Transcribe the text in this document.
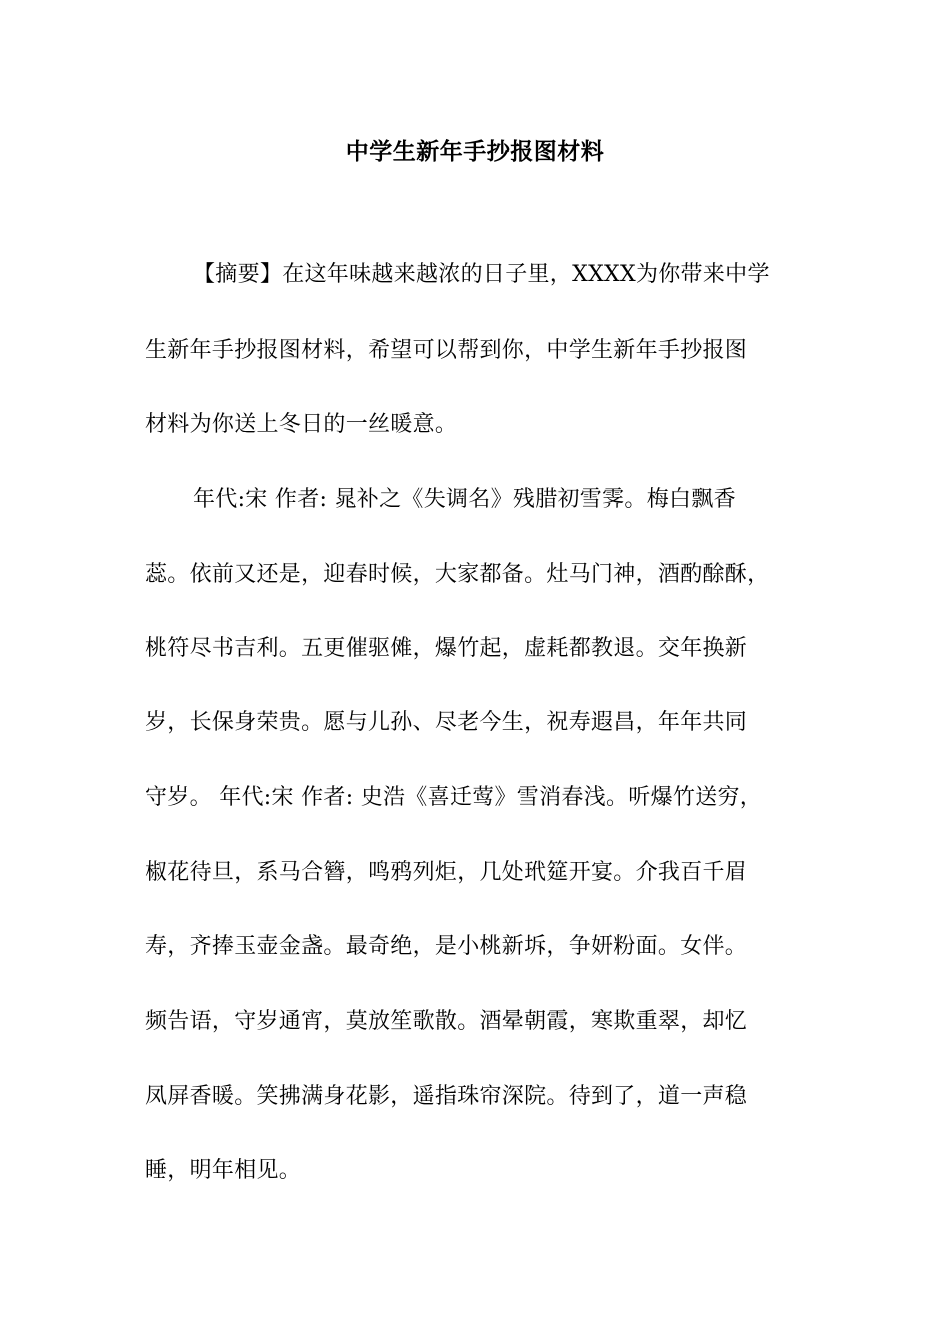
中学生新年手抄报图材料
【摘要】在这年味越来越浓的日子里，XXXX为你带来中学
生新年手抄报图材料，希望可以帮到你，中学生新年手抄报图
材料为你送上冬日的一丝暖意。
年代:宋 作者: 晁补之《失调名》残腊初雪霁。梅白飘香
蕊。依前又还是，迎春时候，大家都备。灶马门神，酒酌酴酥，
桃符尽书吉利。五更催驱傩，爆竹起，虚耗都教退。交年换新
岁，长保身荣贵。愿与儿孙、尽老今生，祝寿遐昌，年年共同
守岁。 年代:宋 作者: 史浩《喜迁莺》雪消春浅。听爆竹送穷，
椒花待旦，系马合簪，鸣鸦列炬，几处玳筵开宴。介我百千眉
寿，齐捧玉壶金盏。最奇绝，是小桃新坼，争妍粉面。女伴。
频告语，守岁通宵，莫放笙歌散。酒晕朝霞，寒欺重翠，却忆
凤屏香暖。笑拂满身花影，遥指珠帘深院。待到了，道一声稳
睡，明年相见。
